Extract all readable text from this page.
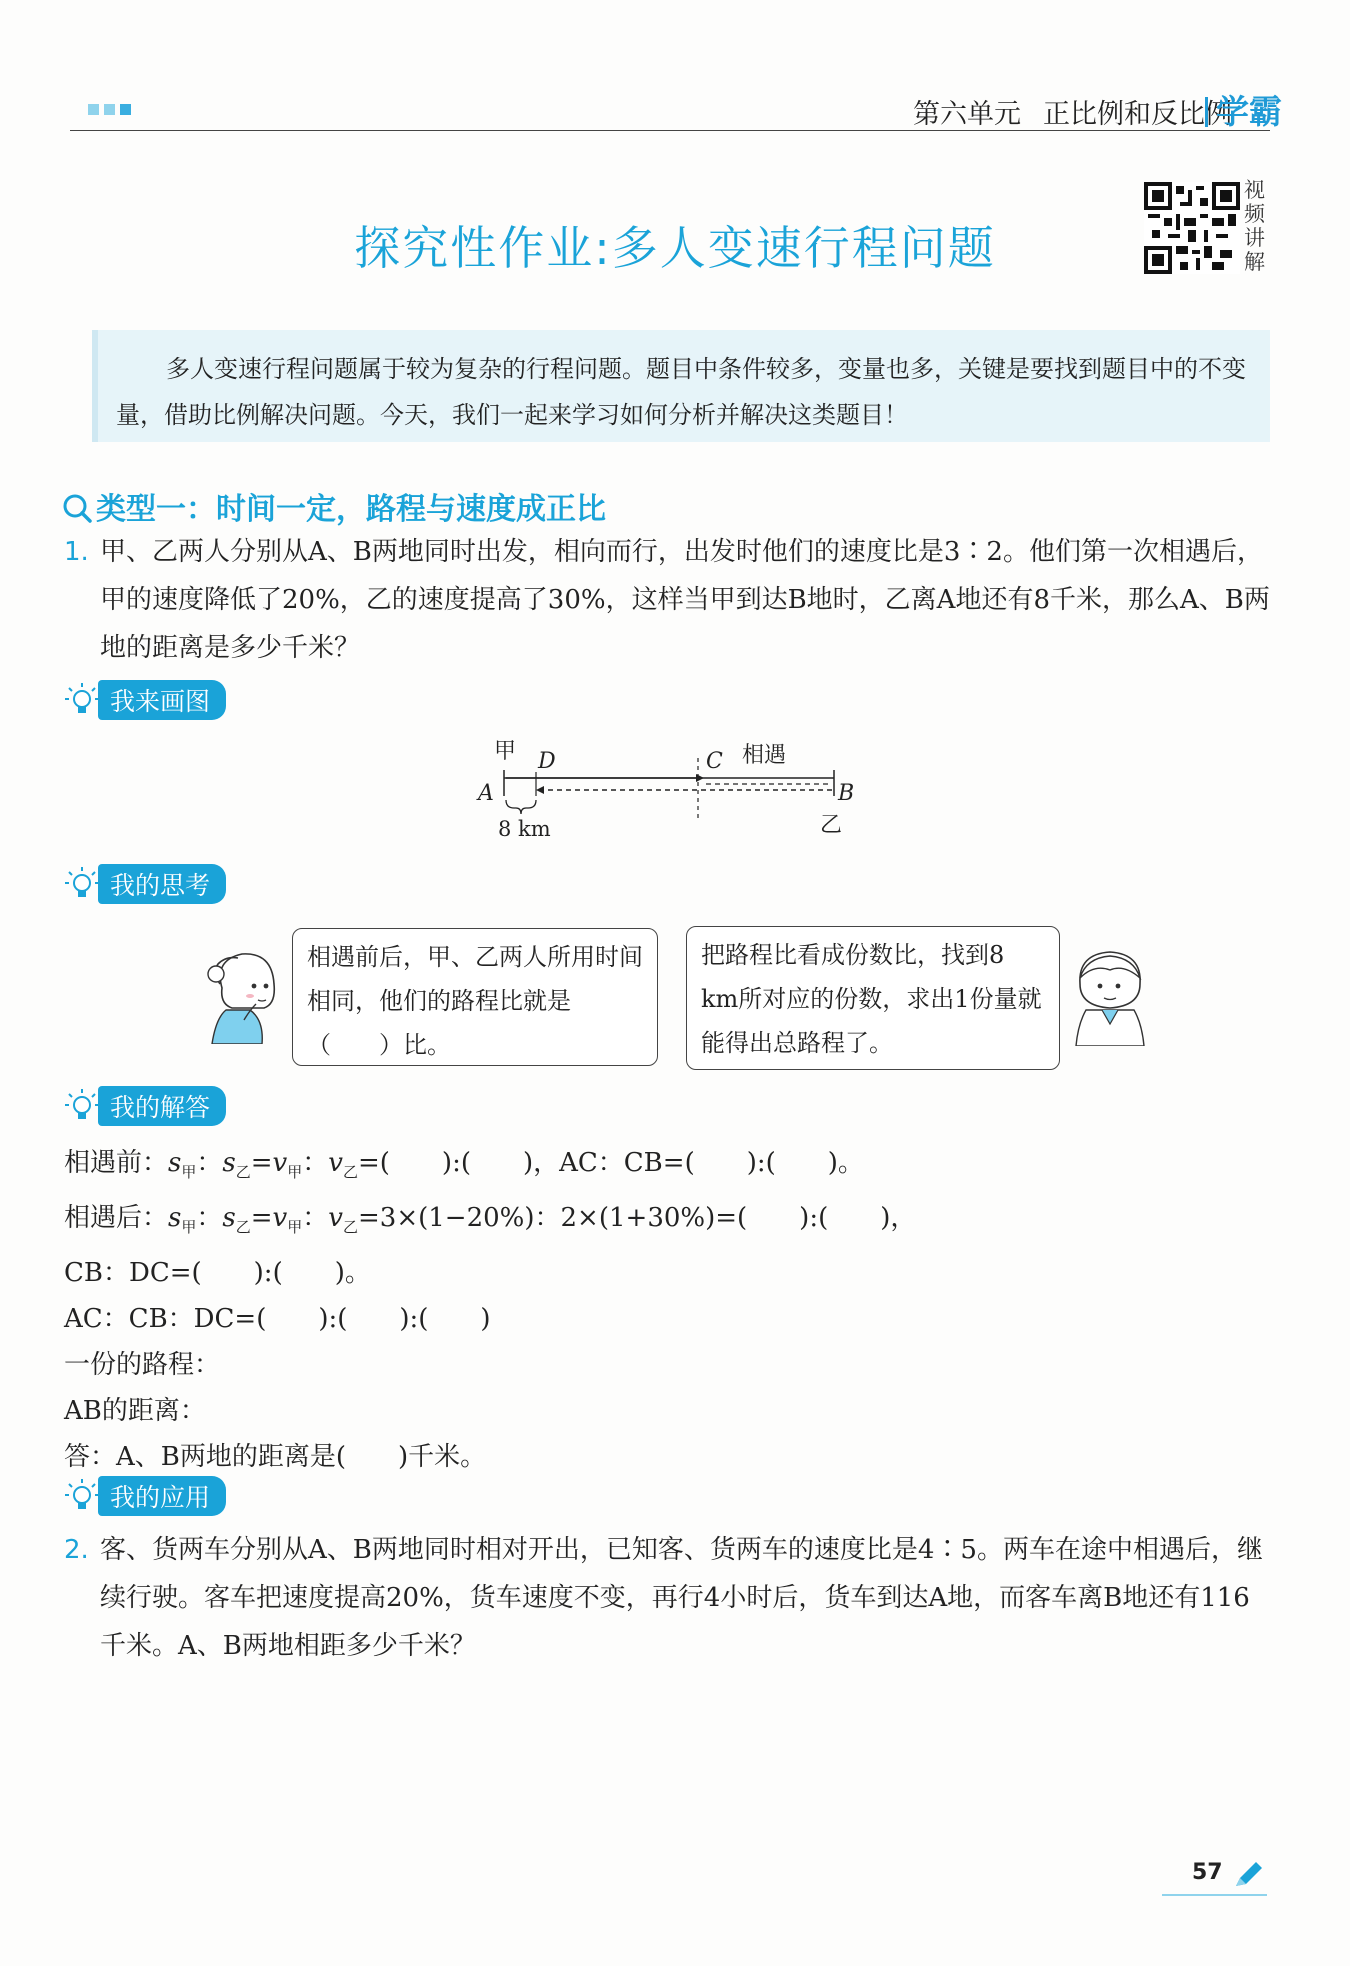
第六单元 正比例和反比例
学霸
探究性作业:多人变速行程问题
视频讲解

多人变速行程问题属于较为复杂的行程问题。题目中条件较多，变量也多，关键是要找到题目中的不变量，借助比例解决问题。今天，我们一起来学习如何分析并解决这类题目！

类型一：时间一定，路程与速度成正比
1. 甲、乙两人分别从A、B两地同时出发，相向而行，出发时他们的速度比是3∶2。他们第一次相遇后，甲的速度降低了20%，乙的速度提高了30%，这样当甲到达B地时，乙离A地还有8千米，那么A、B两地的距离是多少千米？
我来画图
甲 D	C 相遇
A	B
8 km	乙
我的思考
相遇前后，甲、乙两人所用时间相同，他们的路程比就是（　　）比。
把路程比看成份数比，找到8 km所对应的份数，求出1份量就能得出总路程了。
我的解答
相遇前：$s_甲$：$s_乙=v_甲$：$v_乙=$(　　):(　　)，AC：CB=(　　):(　　)。
相遇后：$s_甲$：$s_乙=v_甲$：$v_乙=3\times(1-20\%)$：2×(1+30%)=(　　):(　　)，
CB：DC=(　　):(　　)。
AC：CB：DC=(　　):(　　):(　　)
一份的路程：
AB的距离：
答：A、B两地的距离是(　　)千米。
我的应用
2. 客、货两车分别从A、B两地同时相对开出，已知客、货两车的速度比是4∶5。两车在途中相遇后，继续行驶。客车把速度提高20%，货车速度不变，再行4小时后，货车到达A地，而客车离B地还有116千米。A、B两地相距多少千米？
57
